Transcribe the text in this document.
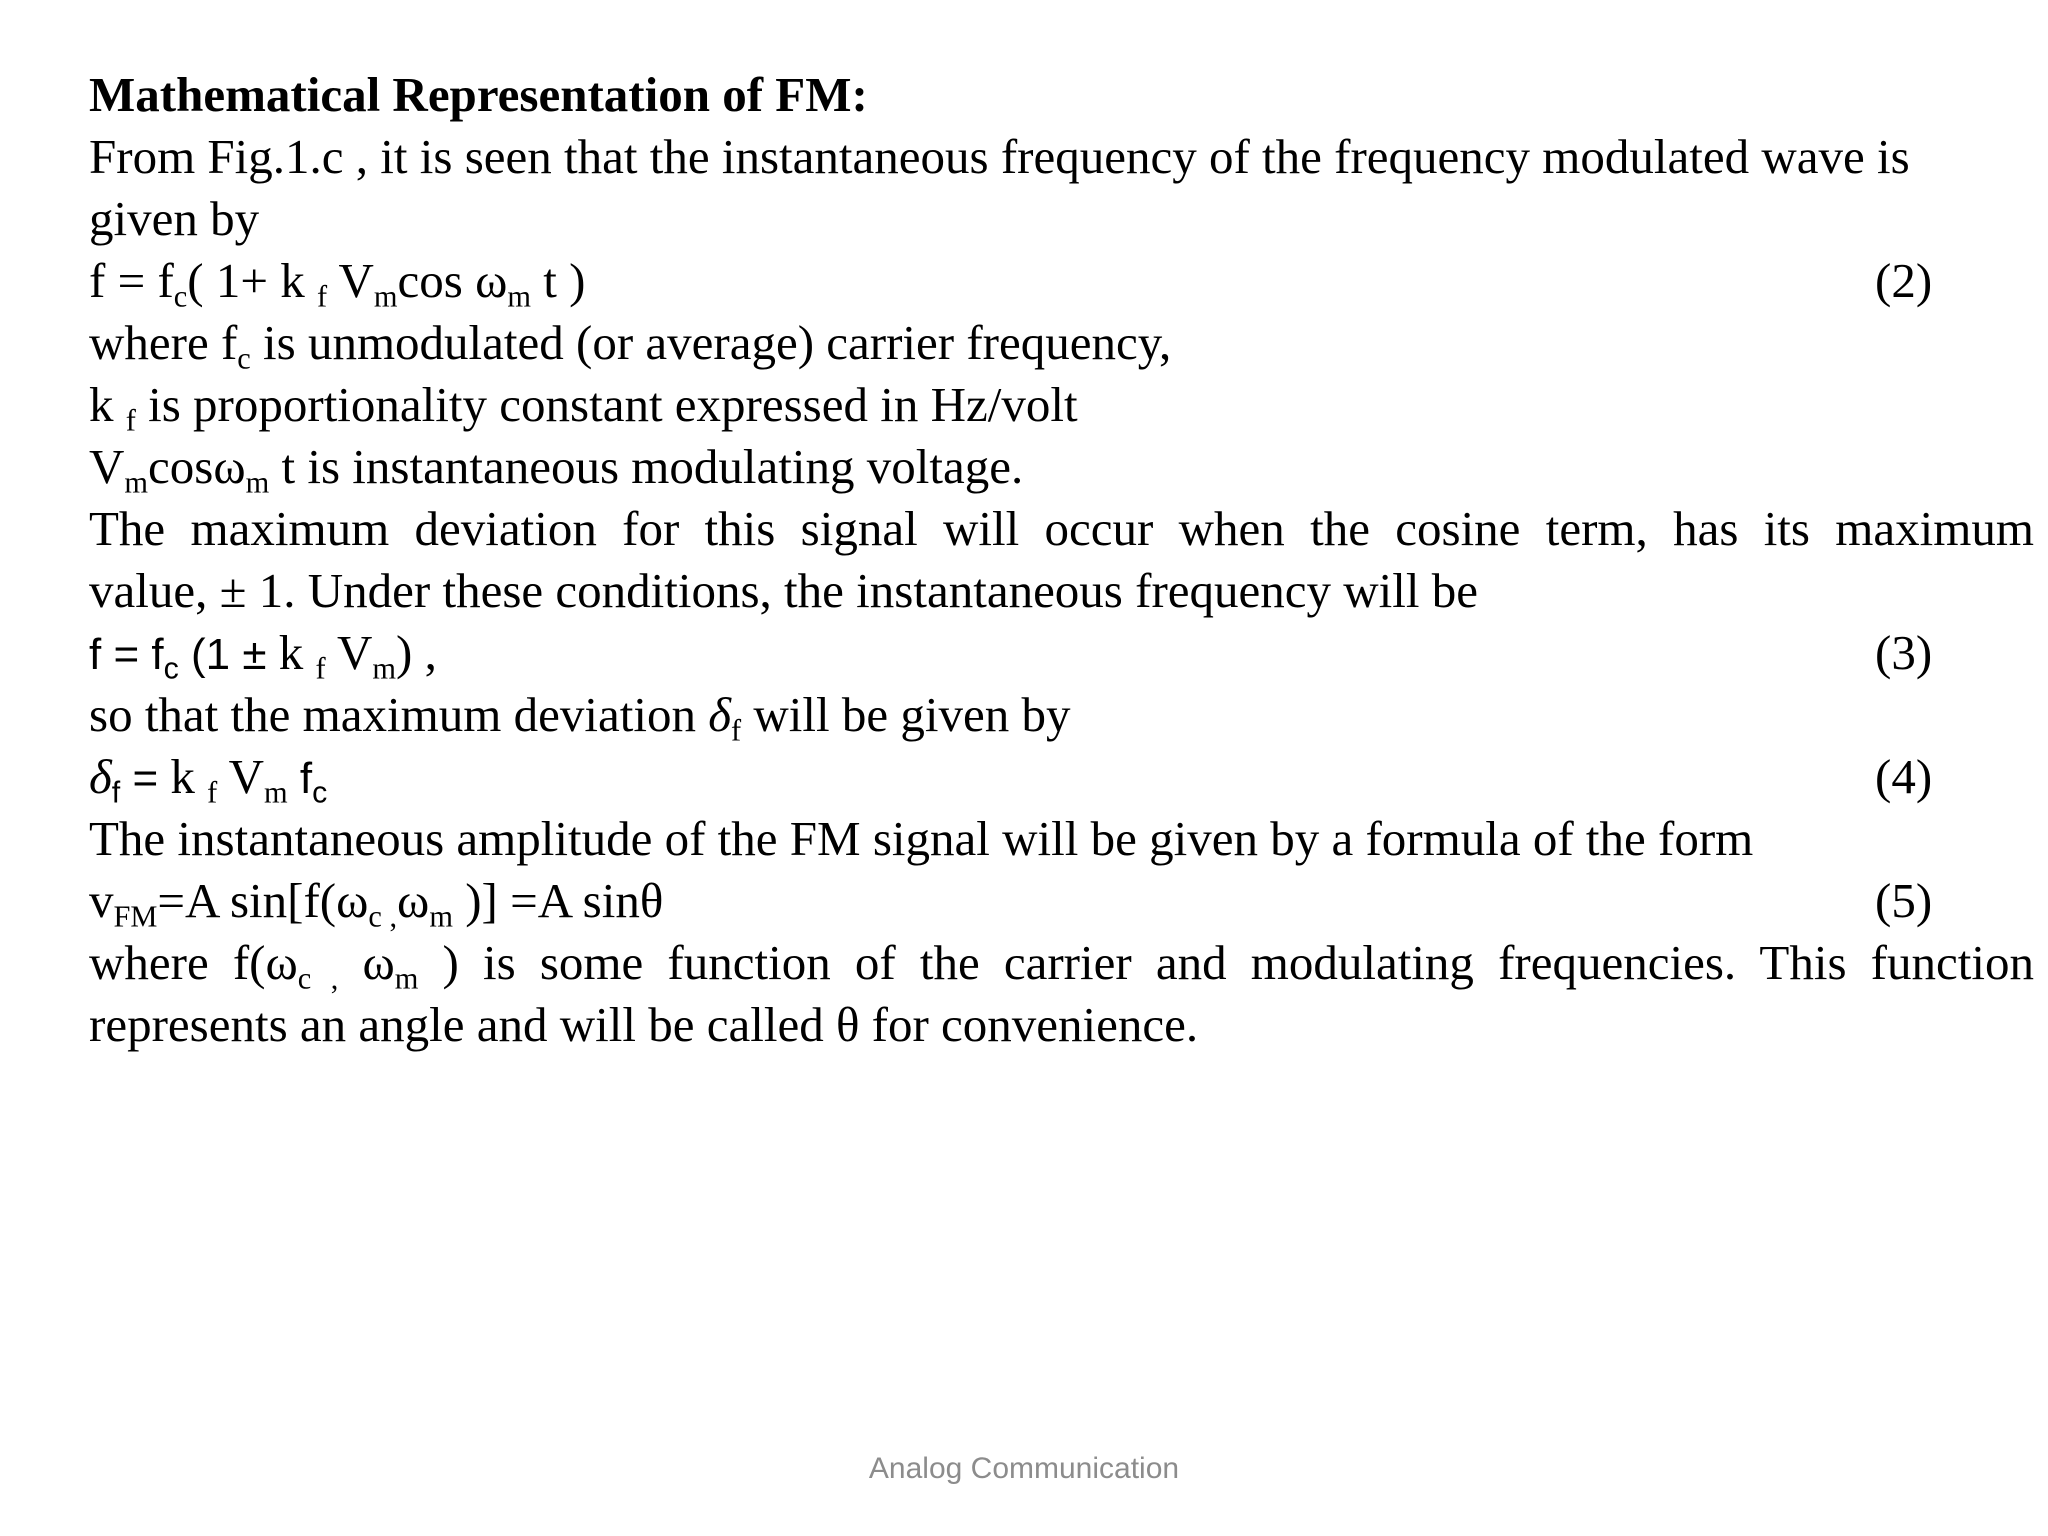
Mathematical Representation of FM:
From Fig.1.c , it is seen that the instantaneous frequency of the frequency modulated wave is
given by
$f = f_c$( 1+ k $_f$ $V_m\cos$ $\omega_m$ t )	(2)
where $f_c$ is unmodulated (or average) carrier frequency,
k $_f$ is proportionality constant expressed in Hz/volt
$V_m\cos\omega_m$ t is instantaneous modulating voltage.
The maximum deviation for this signal will occur when the cosine term, has its maximum
value, ± 1. Under these conditions, the instantaneous frequency will be
$f = f_c$ (1 ± k $_f$ $V_m$) ,	(3)
so that the maximum deviation $\delta_f$ will be given by
$\delta_f = k$ $_f$ $V_m$ $f_c$	(4)
The instantaneous amplitude of the FM signal will be given by a formula of the form
$v_{FM}=A$ $\sin[f(\omega_{c ,}\omega_m$ )] =A sinθ	(5)
where $f(\omega_{c ,}$ $\omega_m$ ) is some function of the carrier and modulating frequencies. This function
represents an angle and will be called θ for convenience.
Analog Communication
